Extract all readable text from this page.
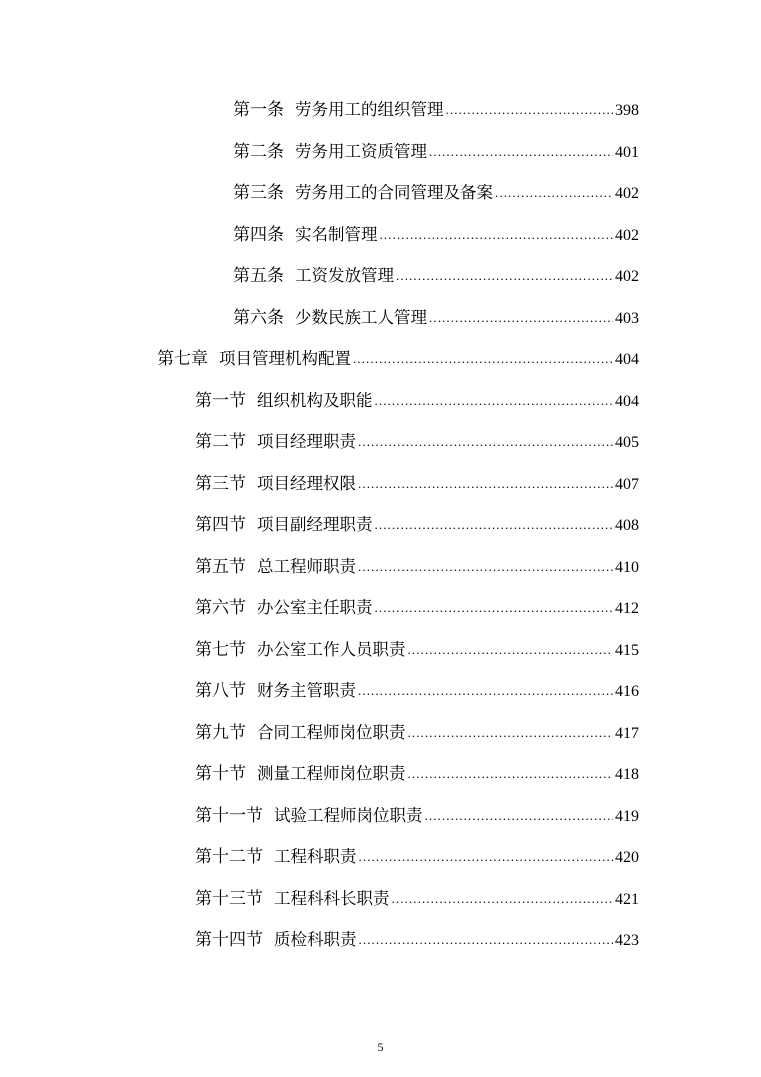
第一条 劳务用工的组织管理 .....	398
第二条 劳务用工资质管理 .....	401
第三条 劳务用工的合同管理及备案 .....	402
第四条 实名制管理 .....	402
第五条 工资发放管理 .....	402
第六条 少数民族工人管理 .....	403
第七章 项目管理机构配置 .....	404
第一节 组织机构及职能 .....	404
第二节 项目经理职责 .....	405
第三节 项目经理权限 .....	407
第四节 项目副经理职责 .....	408
第五节 总工程师职责 .....	410
第六节 办公室主任职责 .....	412
第七节 办公室工作人员职责 .....	415
第八节 财务主管职责 .....	416
第九节 合同工程师岗位职责 .....	417
第十节 测量工程师岗位职责 .....	418
第十一节 试验工程师岗位职责 .....	419
第十二节 工程科职责 .....	420
第十三节 工程科科长职责 .....	421
第十四节 质检科职责 .....	423
5
